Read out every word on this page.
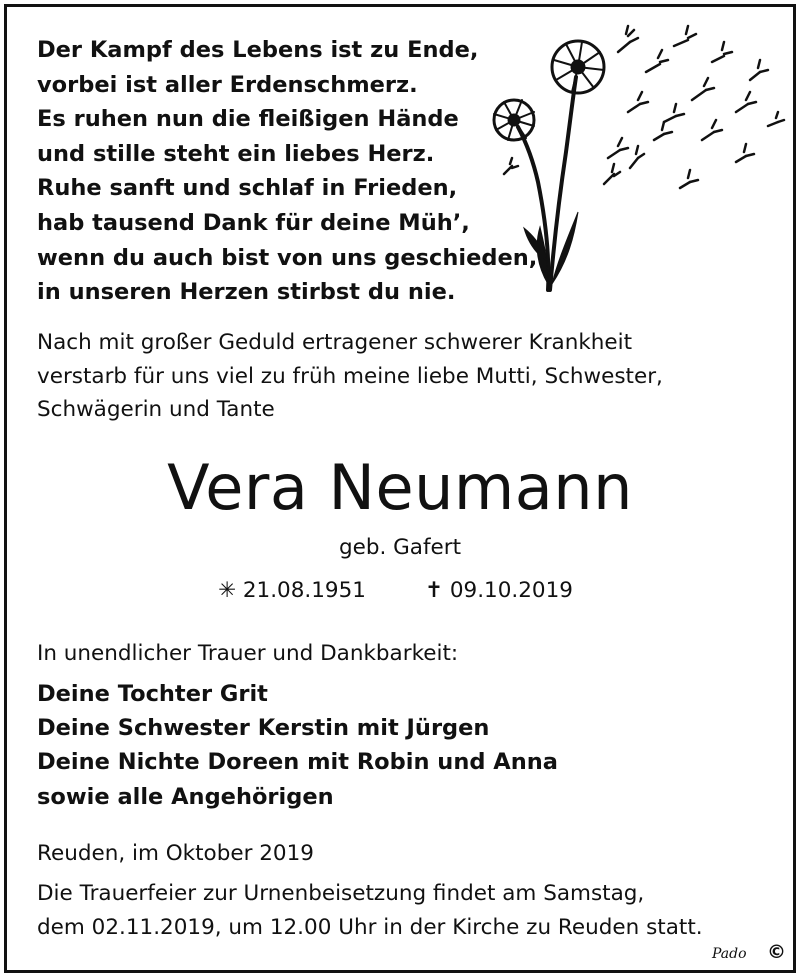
Der Kampf des Lebens ist zu Ende,
vorbei ist aller Erdenschmerz.
Es ruhen nun die fleißigen Hände
und stille steht ein liebes Herz.
Ruhe sanft und schlaf in Frieden,
hab tausend Dank für deine Müh’,
wenn du auch bist von uns geschieden,
in unseren Herzen stirbst du nie.
Nach mit großer Geduld ertragener schwerer Krankheit
verstarb für uns viel zu früh meine liebe Mutti, Schwester,
Schwägerin und Tante
Vera Neumann
geb. Gafert
✳ 21.08.1951	✝ 09.10.2019
In unendlicher Trauer und Dankbarkeit:
Deine Tochter Grit
Deine Schwester Kerstin mit Jürgen
Deine Nichte Doreen mit Robin und Anna
sowie alle Angehörigen
Reuden, im Oktober 2019
Die Trauerfeier zur Urnenbeisetzung findet am Samstag,
dem 02.11.2019, um 12.00 Uhr in der Kirche zu Reuden statt.
Pado ©
